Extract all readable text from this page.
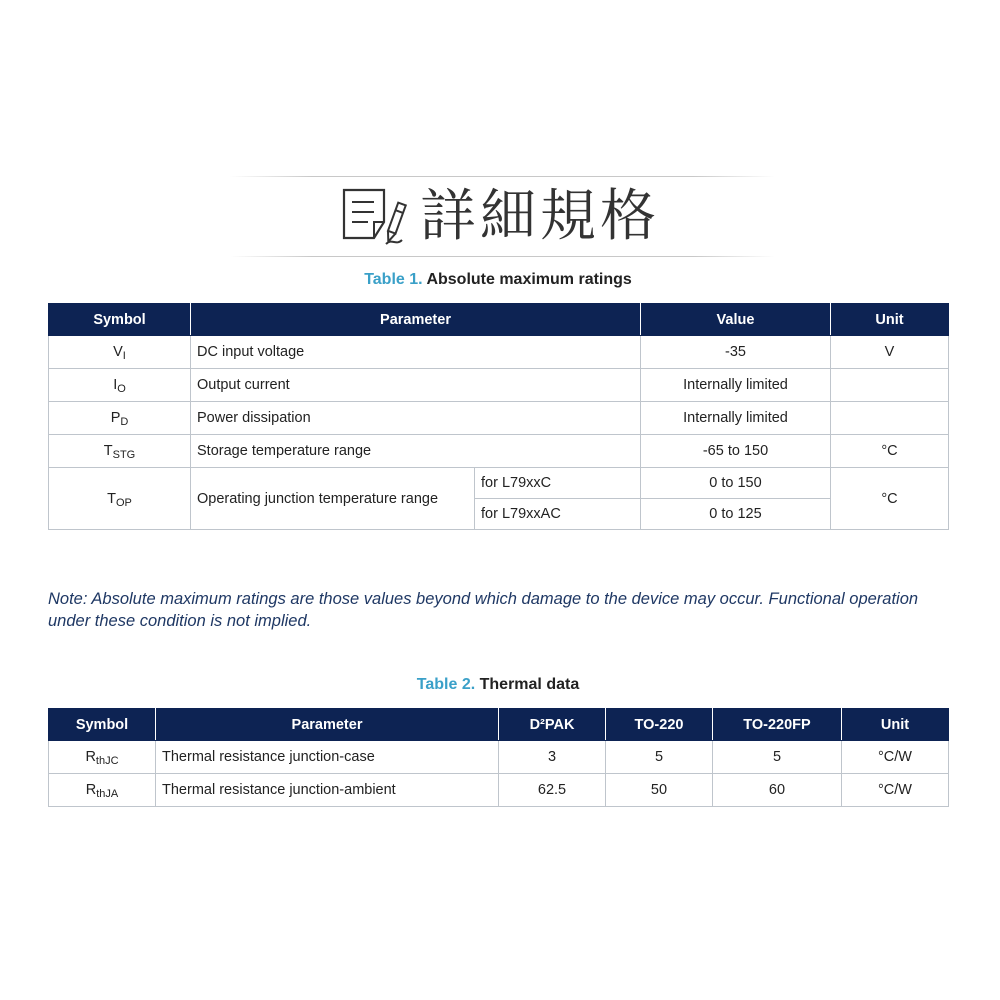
詳細規格
Table 1. Absolute maximum ratings
Symbol	Parameter		Value	Unit
$V_I$	DC input voltage		-35	V
$I_O$	Output current		Internally limited	
$P_D$	Power dissipation		Internally limited	
$T_{STG}$	Storage temperature range		-65 to 150	°C
$T_{OP}$	Operating junction temperature range	for L79xxC	0 to 150	°C
		for L79xxAC	0 to 125	
Note: Absolute maximum ratings are those values beyond which damage to the device may occur. Functional operation under these condition is not implied.
Table 2. Thermal data
Symbol	Parameter	D²PAK	TO-220	TO-220FP	Unit
$R_{thJC}$	Thermal resistance junction-case	3	5	5	°C/W
$R_{thJA}$	Thermal resistance junction-ambient	62.5	50	60	°C/W
